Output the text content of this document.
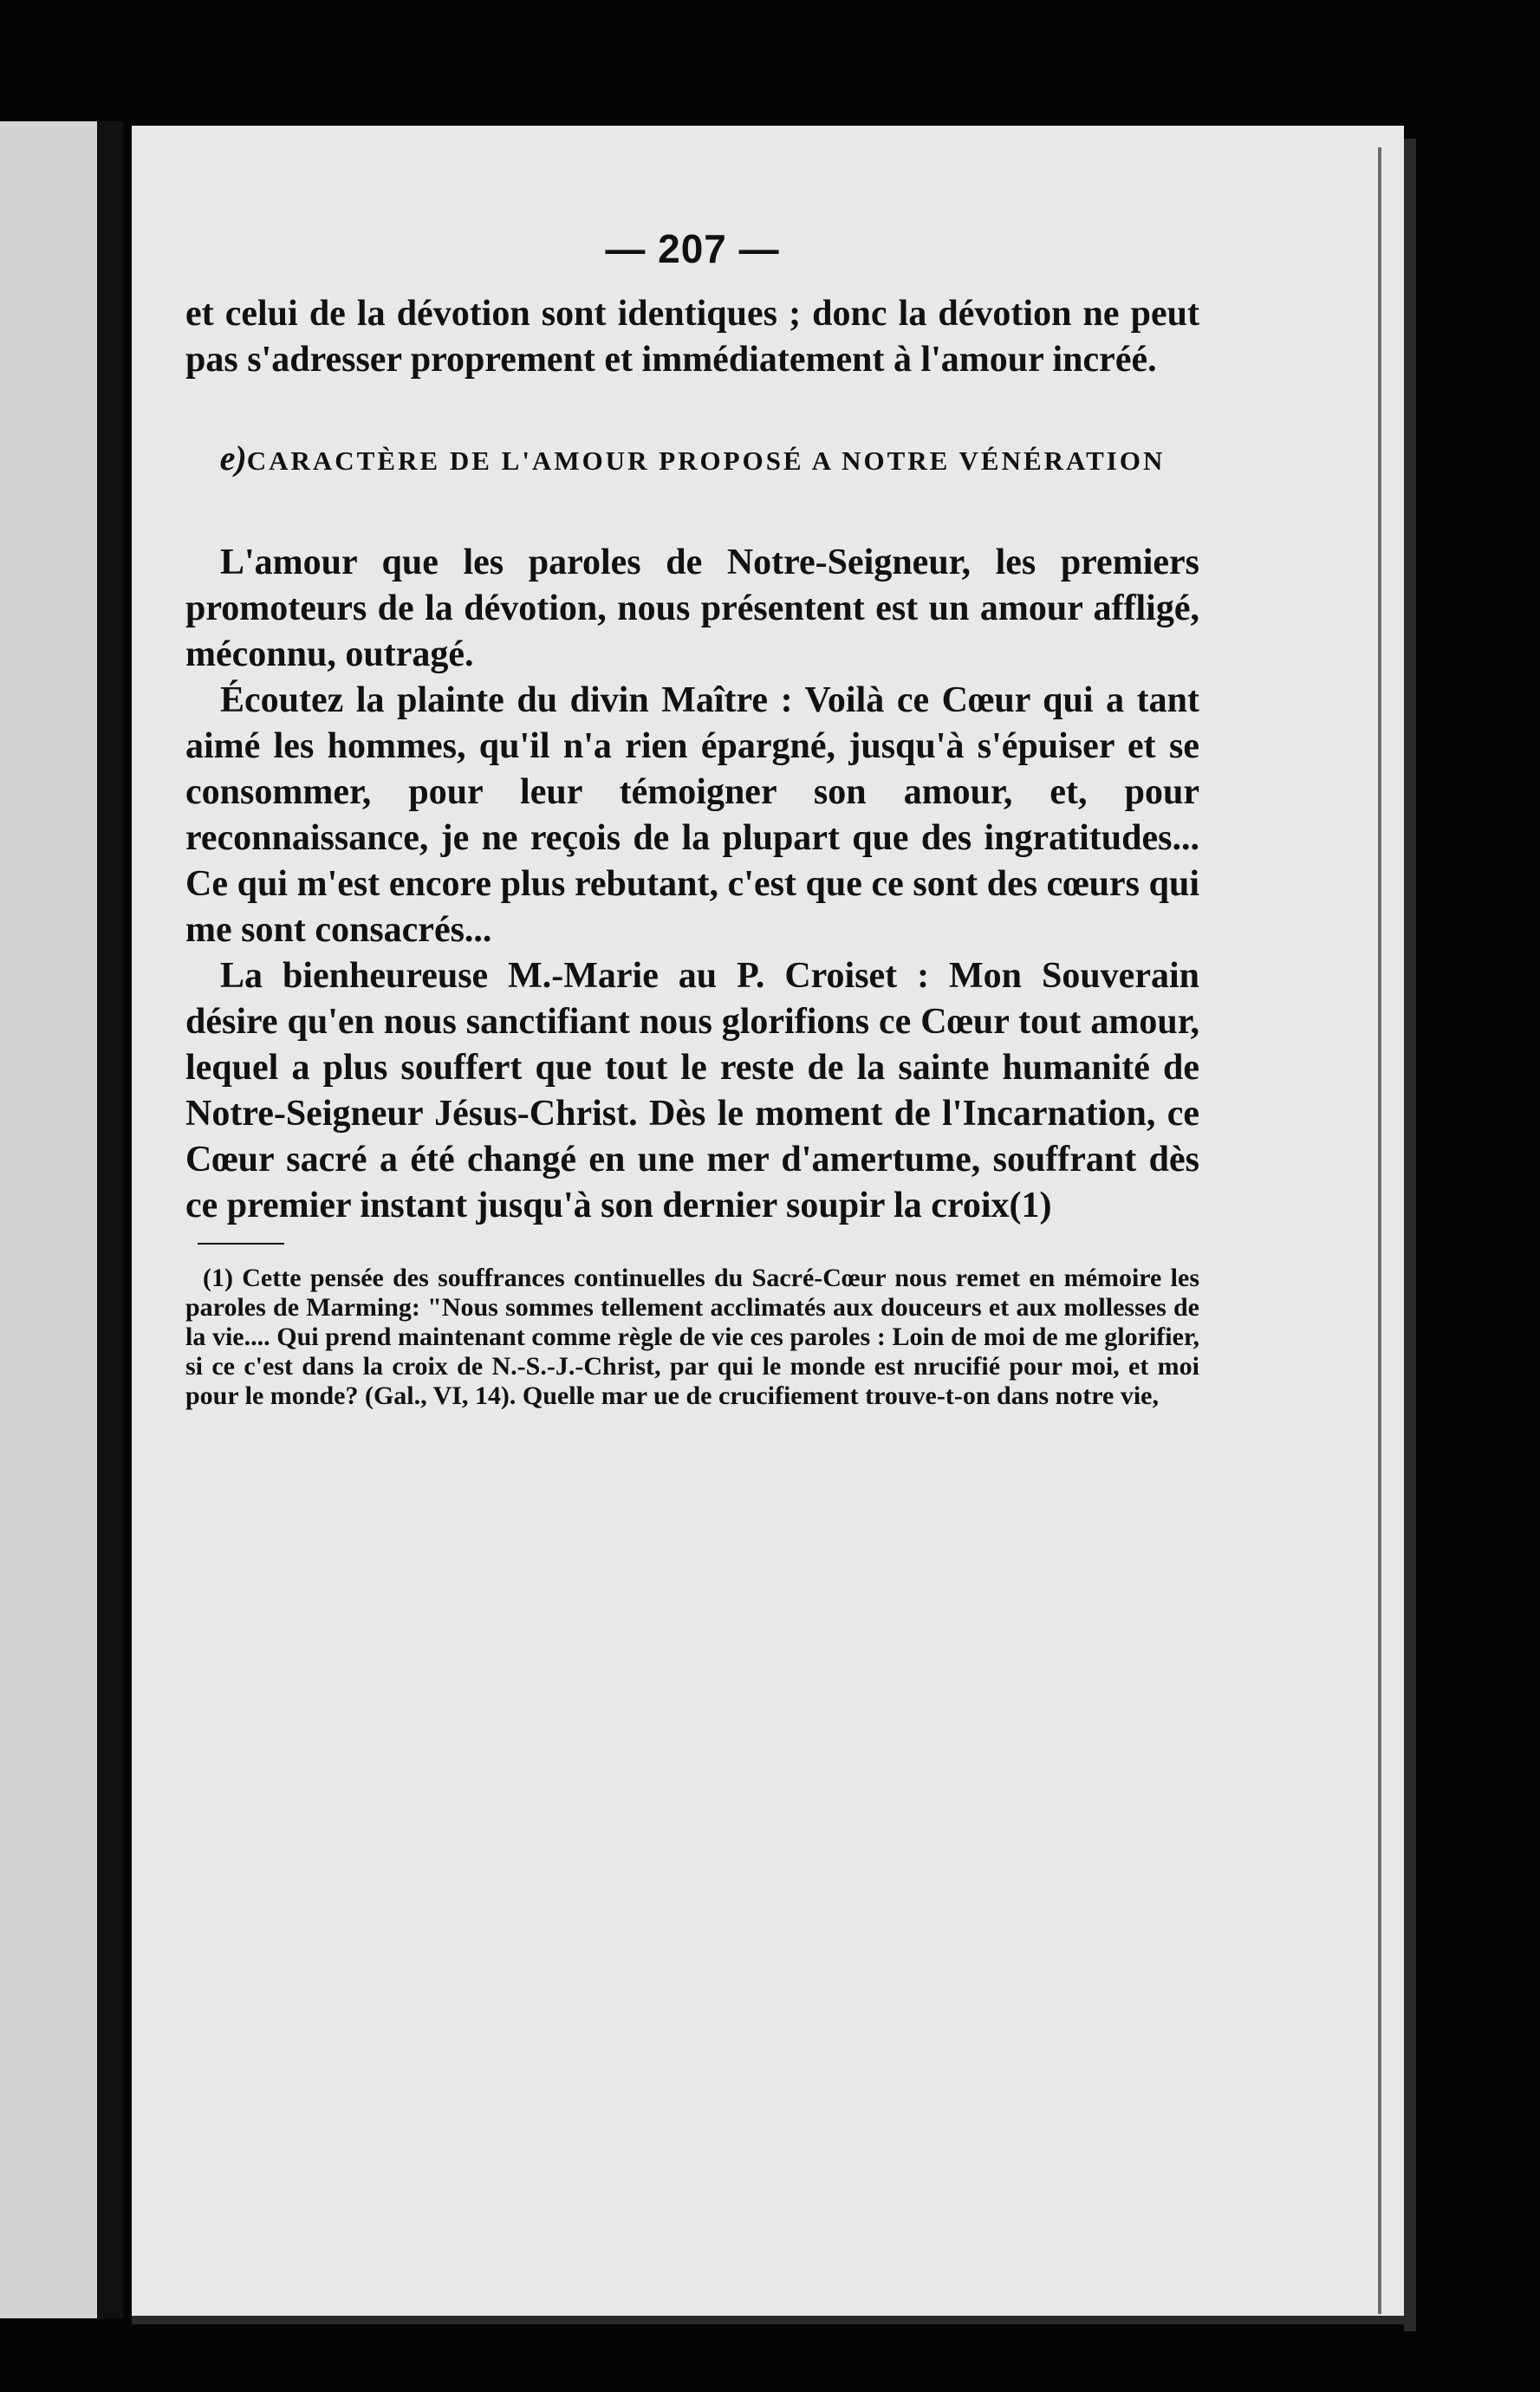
— 207 —

et celui de la dévotion sont identiques ; donc la dévotion ne peut pas s'adresser proprement et immédiatement à l'amour incréé.

e)CARACTÈRE DE L'AMOUR PROPOSÉ A NOTRE VÉNÉRATION

L'amour que les paroles de Notre-Seigneur, les premiers promoteurs de la dévotion, nous présentent est un amour affligé, méconnu, outragé.

Écoutez la plainte du divin Maître : Voilà ce Cœur qui a tant aimé les hommes, qu'il n'a rien épargné, jusqu'à s'épuiser et se consommer, pour leur témoigner son amour, et, pour reconnaissance, je ne reçois de la plupart que des ingratitudes... Ce qui m'est encore plus rebutant, c'est que ce sont des cœurs qui me sont consacrés...

La bienheureuse M.-Marie au P. Croiset : Mon Souverain désire qu'en nous sanctifiant nous glorifions ce Cœur tout amour, lequel a plus souffert que tout le reste de la sainte humanité de Notre-Seigneur Jésus-Christ. Dès le moment de l'Incarnation, ce Cœur sacré a été changé en une mer d'amertume, souffrant dès ce premier instant jusqu'à son dernier soupir la croix(1)

(1) Cette pensée des souffrances continuelles du Sacré-Cœur nous remet en mémoire les paroles de Marming: "Nous sommes tellement acclimatés aux douceurs et aux mollesses de la vie.... Qui prend maintenant comme règle de vie ces paroles : Loin de moi de me glorifier, si ce c'est dans la croix de N.-S.-J.-Christ, par qui le monde est nrucifié pour moi, et moi pour le monde? (Gal., VI, 14). Quelle mar ue de crucifiement trouve-t-on dans notre vie,
